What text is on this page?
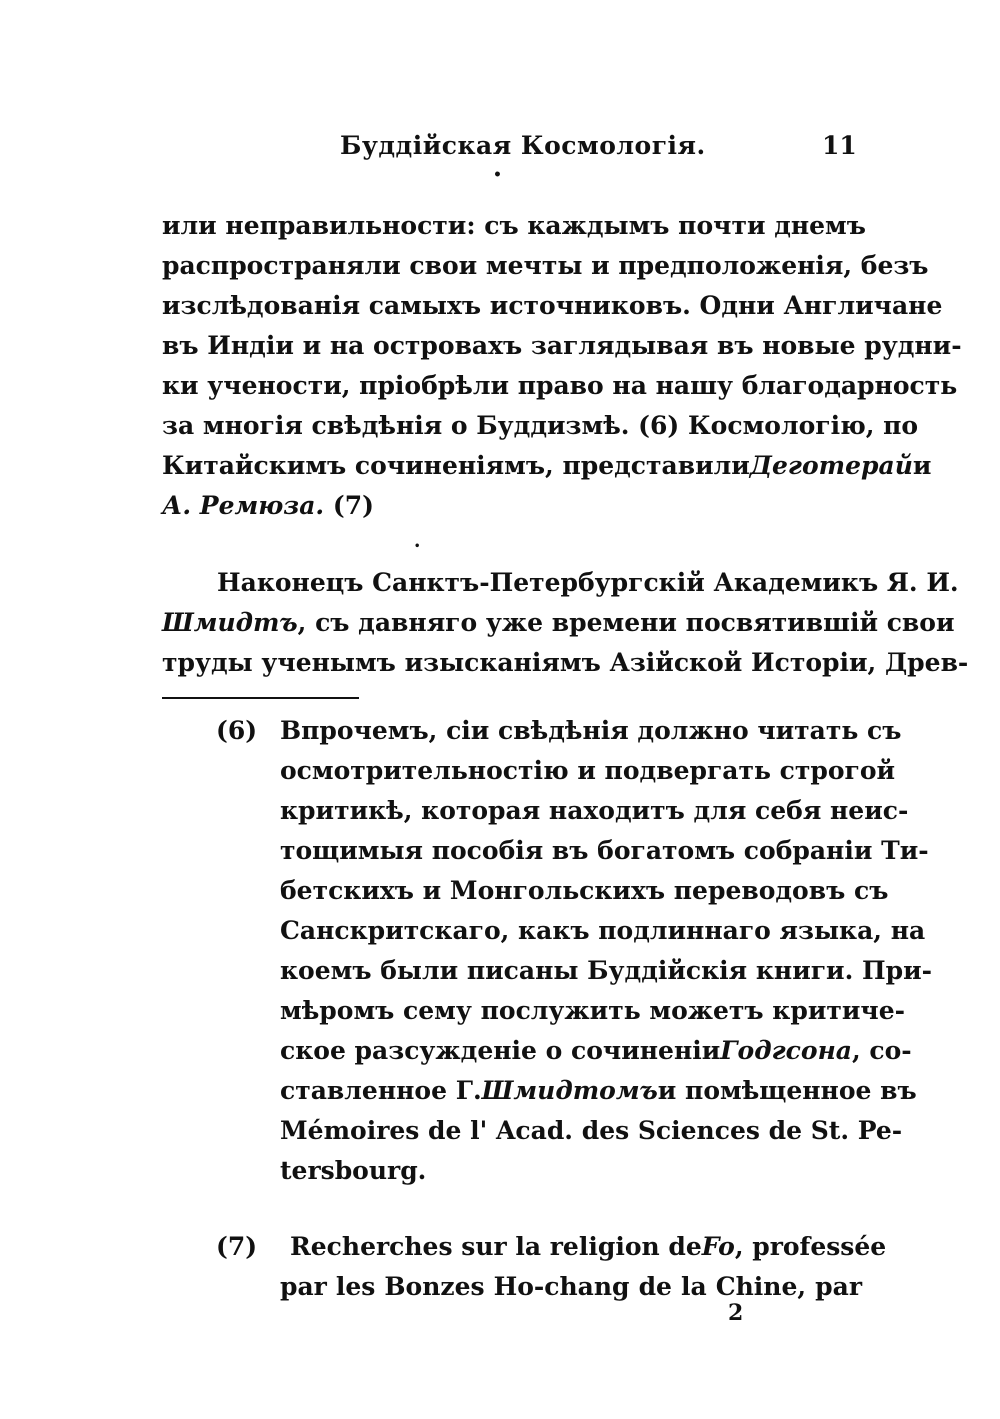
Буддійская Космологія.	11
•
или неправильности: съ каждымъ почти днемъ
распространяли свои мечты и предположенія, безъ
изслѣдованія самыхъ источниковъ. Одни Англичане
въ Индіи и на островахъ заглядывая въ новые рудни-
ки учености, пріобрѣли право на нашу благодарность
за многія свѣдѣнія о Буддизмѣ. (6) Космологію, по
Китайскимъ сочиненіямъ, представили Деготерай и
А. Ремюза. (7)
•
Наконецъ Санктъ-Петербургскій Академикъ Я. И.
Шмидтъ, съ давняго уже времени посвятившій свои
труды ученымъ изысканіямъ Азійской Исторіи, Древ-
(6) Впрочемъ, сіи свѣдѣнія должно читать съ
осмотрительностію и подвергать строгой
критикѣ, которая находитъ для себя неис-
тощимыя пособія въ богатомъ собраніи Ти-
бетскихъ и Монгольскихъ переводовъ съ
Санскритскаго, какъ подлиннаго языка, на
коемъ были писаны Буддійскія книги. При-
мѣромъ сему послужить можетъ критиче-
ское разсужденіе о сочиненіи Годгсона, со-
ставленное Г. Шмидтомъ и помѣщенное въ
Mémoires de l' Acad. des Sciences de St. Pe-
tersbourg.
(7) Recherches sur la religion de Fo, professée
par les Bonzes Ho-chang de la Chine, par
2
